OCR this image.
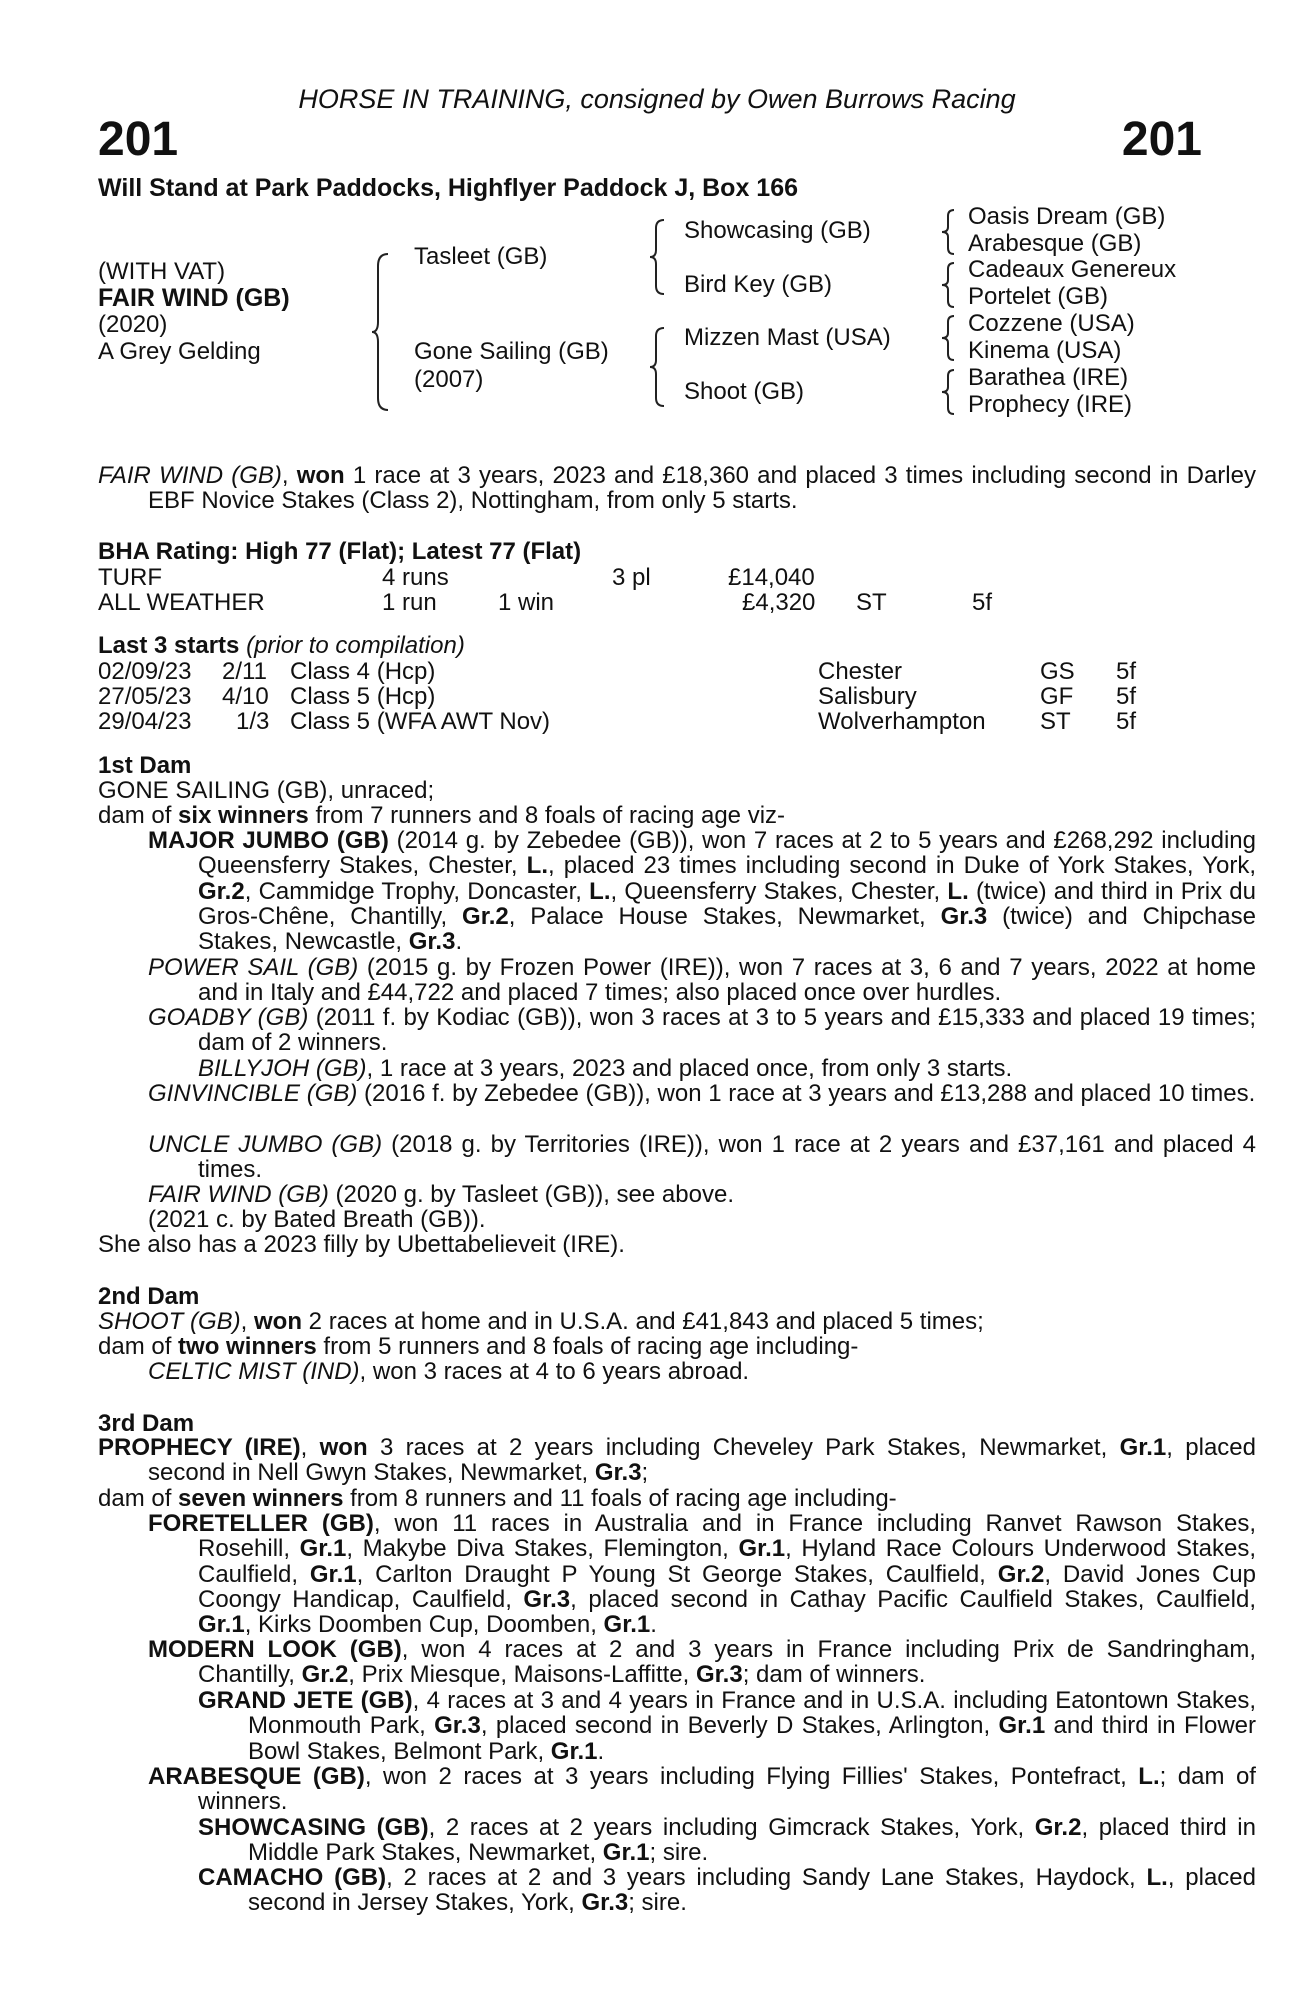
HORSE IN TRAINING, consigned by Owen Burrows Racing
201	201
Will Stand at Park Paddocks, Highflyer Paddock J, Box 166
(WITH VAT)
FAIR WIND (GB)
(2020)
A Grey Gelding
Tasleet (GB)
Gone Sailing (GB)
(2007)
Showcasing (GB)
Bird Key (GB)
Mizzen Mast (USA)
Shoot (GB)
Oasis Dream (GB)
Arabesque (GB)
Cadeaux Genereux
Portelet (GB)
Cozzene (USA)
Kinema (USA)
Barathea (IRE)
Prophecy (IRE)

FAIR WIND (GB), won 1 race at 3 years, 2023 and £18,360 and placed 3 times including second in Darley EBF Novice Stakes (Class 2), Nottingham, from only 5 starts.

BHA Rating: High 77 (Flat); Latest 77 (Flat)
TURF	4 runs	3 pl	£14,040
ALL WEATHER	1 run	1 win	£4,320 ST	5f
Last 3 starts (prior to compilation)
02/09/23 2/11 Class 4 (Hcp)	Chester	GS 5f
27/05/23 4/10 Class 5 (Hcp)	Salisbury	GF 5f
29/04/23 1/3 Class 5 (WFA AWT Nov)	Wolverhampton ST 5f
1st Dam
GONE SAILING (GB), unraced;
dam of six winners from 7 runners and 8 foals of racing age viz-

MAJOR JUMBO (GB) (2014 g. by Zebedee (GB)), won 7 races at 2 to 5 years and £268,292 including Queensferry Stakes, Chester, L., placed 23 times including second in Duke of York Stakes, York, Gr.2, Cammidge Trophy, Doncaster, L., Queensferry Stakes, Chester, L. (twice) and third in Prix du Gros-Chêne, Chantilly, Gr.2, Palace House Stakes, Newmarket, Gr.3 (twice) and Chipchase Stakes, Newcastle, Gr.3.

POWER SAIL (GB) (2015 g. by Frozen Power (IRE)), won 7 races at 3, 6 and 7 years, 2022 at home and in Italy and £44,722 and placed 7 times; also placed once over hurdles.

GOADBY (GB) (2011 f. by Kodiac (GB)), won 3 races at 3 to 5 years and £15,333 and placed 19 times; dam of 2 winners.

BILLYJOH (GB), 1 race at 3 years, 2023 and placed once, from only 3 starts.

GINVINCIBLE (GB) (2016 f. by Zebedee (GB)), won 1 race at 3 years and £13,288 and placed 10 times.

UNCLE JUMBO (GB) (2018 g. by Territories (IRE)), won 1 race at 2 years and £37,161 and placed 4 times.

FAIR WIND (GB) (2020 g. by Tasleet (GB)), see above.

(2021 c. by Bated Breath (GB)).
She also has a 2023 filly by Ubettabelieveit (IRE).
2nd Dam
SHOOT (GB), won 2 races at home and in U.S.A. and £41,843 and placed 5 times;
dam of two winners from 5 runners and 8 foals of racing age including-
CELTIC MIST (IND), won 3 races at 4 to 6 years abroad.
3rd Dam

PROPHECY (IRE), won 3 races at 2 years including Cheveley Park Stakes, Newmarket, Gr.1, placed second in Nell Gwyn Stakes, Newmarket, Gr.3;

dam of seven winners from 8 runners and 11 foals of racing age including-

FORETELLER (GB), won 11 races in Australia and in France including Ranvet Rawson Stakes, Rosehill, Gr.1, Makybe Diva Stakes, Flemington, Gr.1, Hyland Race Colours Underwood Stakes, Caulfield, Gr.1, Carlton Draught P Young St George Stakes, Caulfield, Gr.2, David Jones Cup Coongy Handicap, Caulfield, Gr.3, placed second in Cathay Pacific Caulfield Stakes, Caulfield, Gr.1, Kirks Doomben Cup, Doomben, Gr.1.

MODERN LOOK (GB), won 4 races at 2 and 3 years in France including Prix de Sandringham, Chantilly, Gr.2, Prix Miesque, Maisons-Laffitte, Gr.3; dam of winners.

GRAND JETE (GB), 4 races at 3 and 4 years in France and in U.S.A. including Eatontown Stakes, Monmouth Park, Gr.3, placed second in Beverly D Stakes, Arlington, Gr.1 and third in Flower Bowl Stakes, Belmont Park, Gr.1.

ARABESQUE (GB), won 2 races at 3 years including Flying Fillies' Stakes, Pontefract, L.; dam of winners.

SHOWCASING (GB), 2 races at 2 years including Gimcrack Stakes, York, Gr.2, placed third in Middle Park Stakes, Newmarket, Gr.1; sire.

CAMACHO (GB), 2 races at 2 and 3 years including Sandy Lane Stakes, Haydock, L., placed second in Jersey Stakes, York, Gr.3; sire.
